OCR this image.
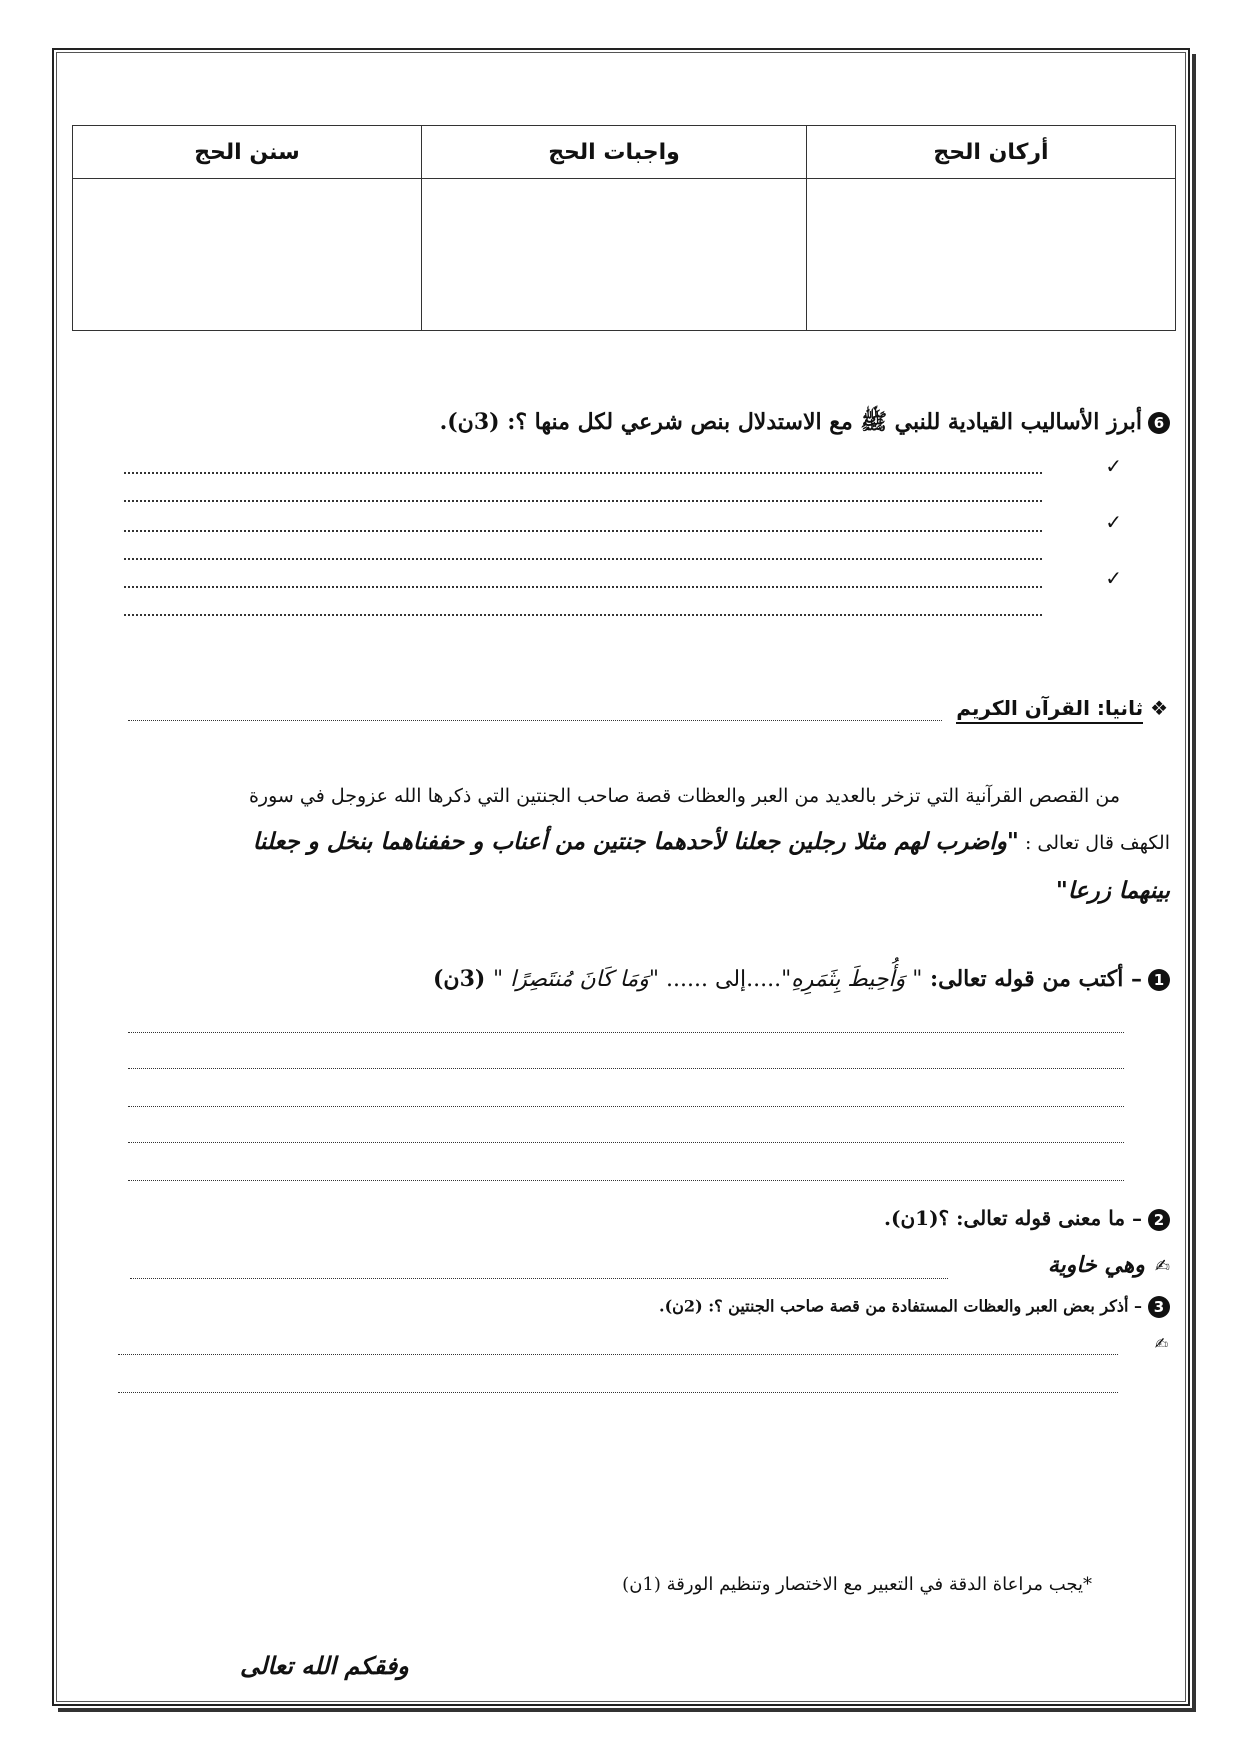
أركان الحج	واجبات الحج	سنن الحج

6أبرز الأساليب القيادية للنبي ﷺ مع الاستدلال بنص شرعي لكل منها ؟: (3ن).
✓
✓
✓
❖ ثانيا: القرآن الكريم
من القصص القرآنية التي تزخر بالعديد من العبر والعظات قصة صاحب الجنتين التي ذكرها الله عزوجل في سورة
الكهف قال تعالى : "واضرب لهم مثلا رجلين جعلنا لأحدهما جنتين من أعناب و حففناهما بنخل و جعلنا
بينهما زرعا"
1– أكتب من قوله تعالى: " وَأُحِيطَ بِثَمَرِهِ".....إلى ...... "وَمَا كَانَ مُنتَصِرًا " (3ن)
2– ما معنى قوله تعالى: ؟(1ن).
✍وهي خاوية
3– أذكر بعض العبر والعظات المستفادة من قصة صاحب الجنتين ؟: (2ن).
✍
*يجب مراعاة الدقة في التعبير مع الاختصار وتنظيم الورقة (1ن)
وفقكم الله تعالى
